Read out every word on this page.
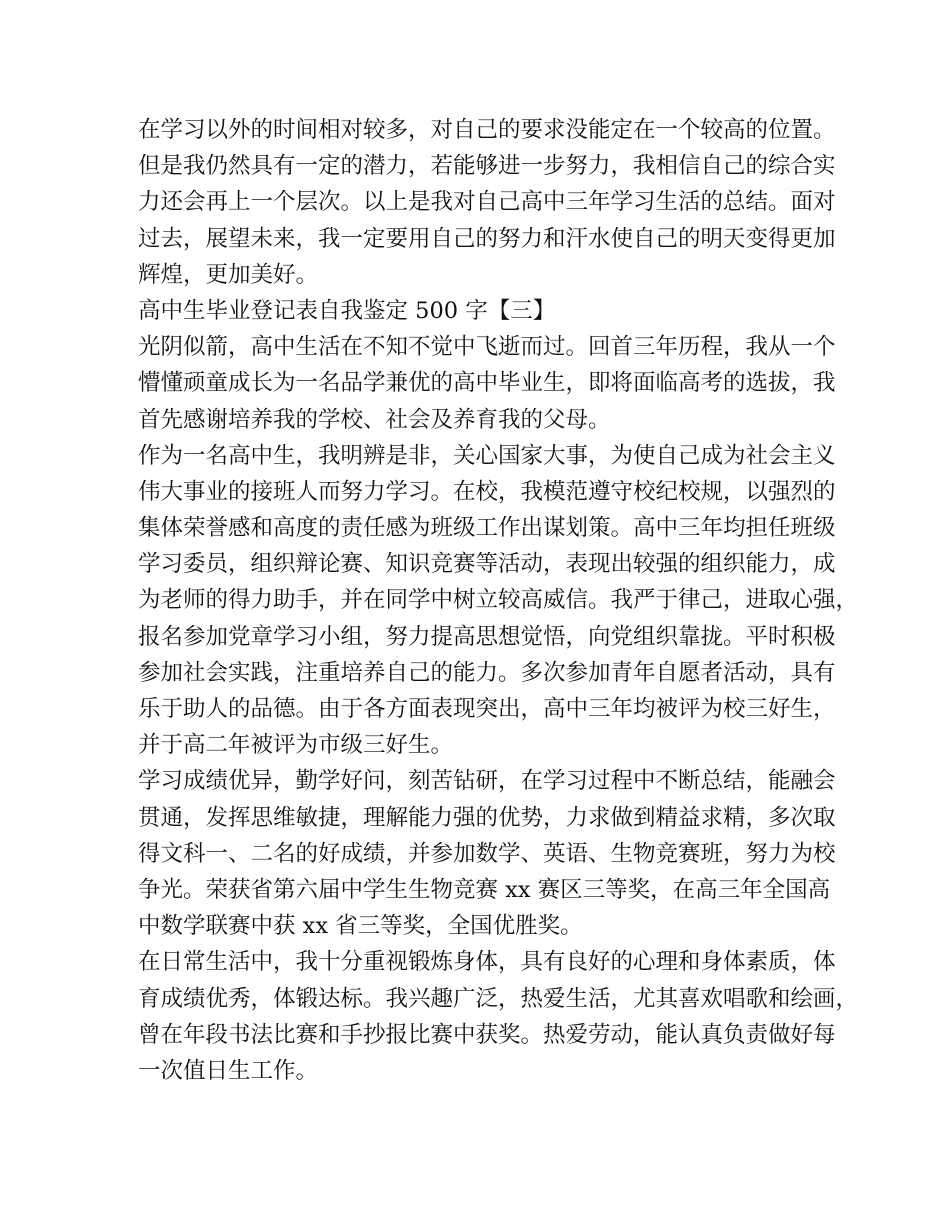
在学习以外的时间相对较多，对自己的要求没能定在一个较高的位置。
但是我仍然具有一定的潜力，若能够进一步努力，我相信自己的综合实
力还会再上一个层次。以上是我对自己高中三年学习生活的总结。面对
过去，展望未来，我一定要用自己的努力和汗水使自己的明天变得更加
辉煌，更加美好。
高中生毕业登记表自我鉴定 500 字【三】
光阴似箭，高中生活在不知不觉中飞逝而过。回首三年历程，我从一个
懵懂顽童成长为一名品学兼优的高中毕业生，即将面临高考的选拔，我
首先感谢培养我的学校、社会及养育我的父母。
作为一名高中生，我明辨是非，关心国家大事，为使自己成为社会主义
伟大事业的接班人而努力学习。在校，我模范遵守校纪校规，以强烈的
集体荣誉感和高度的责任感为班级工作出谋划策。高中三年均担任班级
学习委员，组织辩论赛、知识竞赛等活动，表现出较强的组织能力，成
为老师的得力助手，并在同学中树立较高威信。我严于律己，进取心强，
报名参加党章学习小组，努力提高思想觉悟，向党组织靠拢。平时积极
参加社会实践，注重培养自己的能力。多次参加青年自愿者活动，具有
乐于助人的品德。由于各方面表现突出，高中三年均被评为校三好生，
并于高二年被评为市级三好生。
学习成绩优异，勤学好问，刻苦钻研，在学习过程中不断总结，能融会
贯通，发挥思维敏捷，理解能力强的优势，力求做到精益求精，多次取
得文科一、二名的好成绩，并参加数学、英语、生物竞赛班，努力为校
争光。荣获省第六届中学生生物竞赛 xx 赛区三等奖，在高三年全国高
中数学联赛中获 xx 省三等奖，全国优胜奖。
在日常生活中，我十分重视锻炼身体，具有良好的心理和身体素质，体
育成绩优秀，体锻达标。我兴趣广泛，热爱生活，尤其喜欢唱歌和绘画，
曾在年段书法比赛和手抄报比赛中获奖。热爱劳动，能认真负责做好每
一次值日生工作。
